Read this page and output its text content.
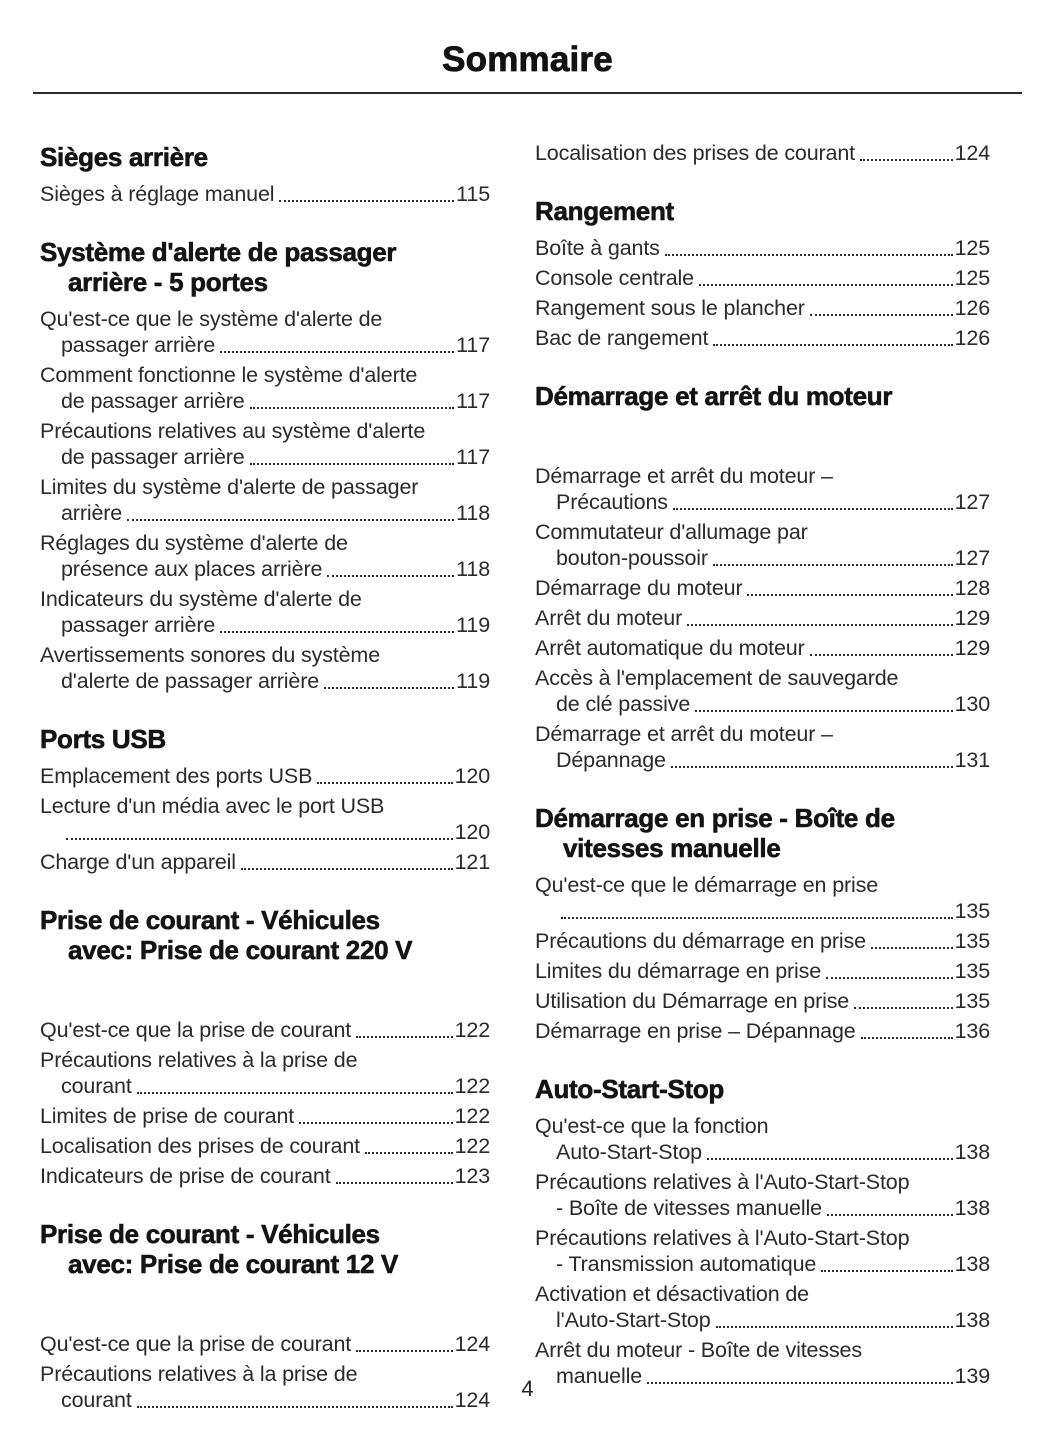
Sommaire
Sièges arrière
Sièges à réglage manuel	115
Système d'alerte de passager
arrière - 5 portes
Qu'est-ce que le système d'alerte de
passager arrière	117
Comment fonctionne le système d'alerte
de passager arrière	117
Précautions relatives au système d'alerte
de passager arrière	117
Limites du système d'alerte de passager
arrière	118
Réglages du système d'alerte de
présence aux places arrière	118
Indicateurs du système d'alerte de
passager arrière	119
Avertissements sonores du système
d'alerte de passager arrière	119
Ports USB
Emplacement des ports USB	120
Lecture d'un média avec le port USB
120
Charge d'un appareil	121
Prise de courant - Véhicules
avec: Prise de courant 220 V
Qu'est-ce que la prise de courant	122
Précautions relatives à la prise de
courant	122
Limites de prise de courant	122
Localisation des prises de courant	122
Indicateurs de prise de courant	123
Prise de courant - Véhicules
avec: Prise de courant 12 V
Qu'est-ce que la prise de courant	124
Précautions relatives à la prise de
courant	124
Localisation des prises de courant	124
Rangement
Boîte à gants	125
Console centrale	125
Rangement sous le plancher	126
Bac de rangement	126
Démarrage et arrêt du moteur
Démarrage et arrêt du moteur –
Précautions	127
Commutateur d'allumage par
bouton-poussoir	127
Démarrage du moteur	128
Arrêt du moteur	129
Arrêt automatique du moteur	129
Accès à l'emplacement de sauvegarde
de clé passive	130
Démarrage et arrêt du moteur –
Dépannage	131
Démarrage en prise - Boîte de
vitesses manuelle
Qu'est-ce que le démarrage en prise
135
Précautions du démarrage en prise	135
Limites du démarrage en prise	135
Utilisation du Démarrage en prise	135
Démarrage en prise – Dépannage	136
Auto-Start-Stop
Qu'est-ce que la fonction
Auto-Start-Stop	138
Précautions relatives à l'Auto-Start-Stop
- Boîte de vitesses manuelle	138
Précautions relatives à l'Auto-Start-Stop
- Transmission automatique	138
Activation et désactivation de
l'Auto-Start-Stop	138
Arrêt du moteur - Boîte de vitesses
manuelle	139
4
